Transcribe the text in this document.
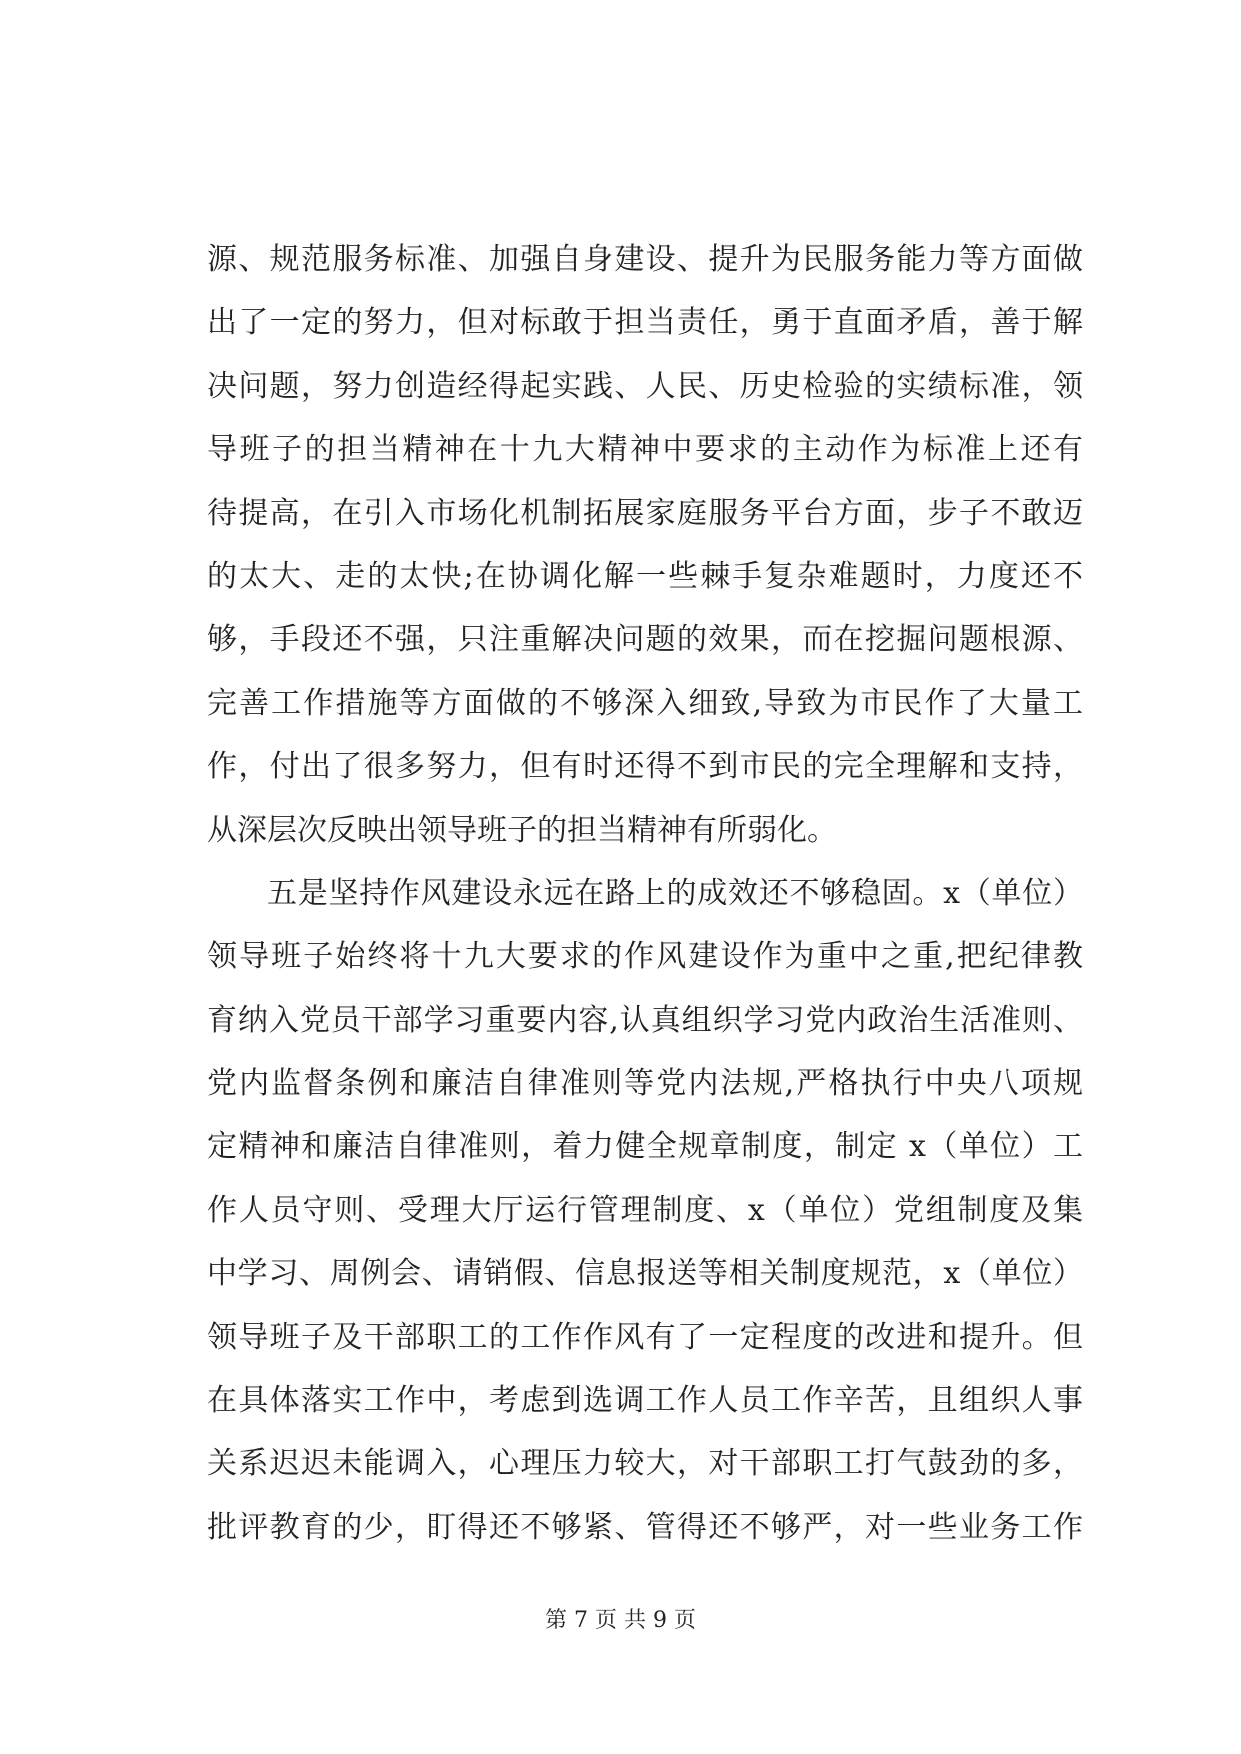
源、规范服务标准、加强自身建设、提升为民服务能力等方面做
出了一定的努力，但对标敢于担当责任，勇于直面矛盾，善于解
决问题，努力创造经得起实践、人民、历史检验的实绩标准，领
导班子的担当精神在十九大精神中要求的主动作为标准上还有
待提高，在引入市场化机制拓展家庭服务平台方面，步子不敢迈
的太大、走的太快;在协调化解一些棘手复杂难题时，力度还不
够，手段还不强，只注重解决问题的效果，而在挖掘问题根源、
完善工作措施等方面做的不够深入细致,导致为市民作了大量工
作，付出了很多努力，但有时还得不到市民的完全理解和支持，
从深层次反映出领导班子的担当精神有所弱化。
五是坚持作风建设永远在路上的成效还不够稳固。x（单位）
领导班子始终将十九大要求的作风建设作为重中之重,把纪律教
育纳入党员干部学习重要内容,认真组织学习党内政治生活准则、
党内监督条例和廉洁自律准则等党内法规,严格执行中央八项规
定精神和廉洁自律准则，着力健全规章制度，制定 x（单位）工
作人员守则、受理大厅运行管理制度、x（单位）党组制度及集
中学习、周例会、请销假、信息报送等相关制度规范，x（单位）
领导班子及干部职工的工作作风有了一定程度的改进和提升。但
在具体落实工作中，考虑到选调工作人员工作辛苦，且组织人事
关系迟迟未能调入，心理压力较大，对干部职工打气鼓劲的多，
批评教育的少，盯得还不够紧、管得还不够严，对一些业务工作
第 7 页 共 9 页
